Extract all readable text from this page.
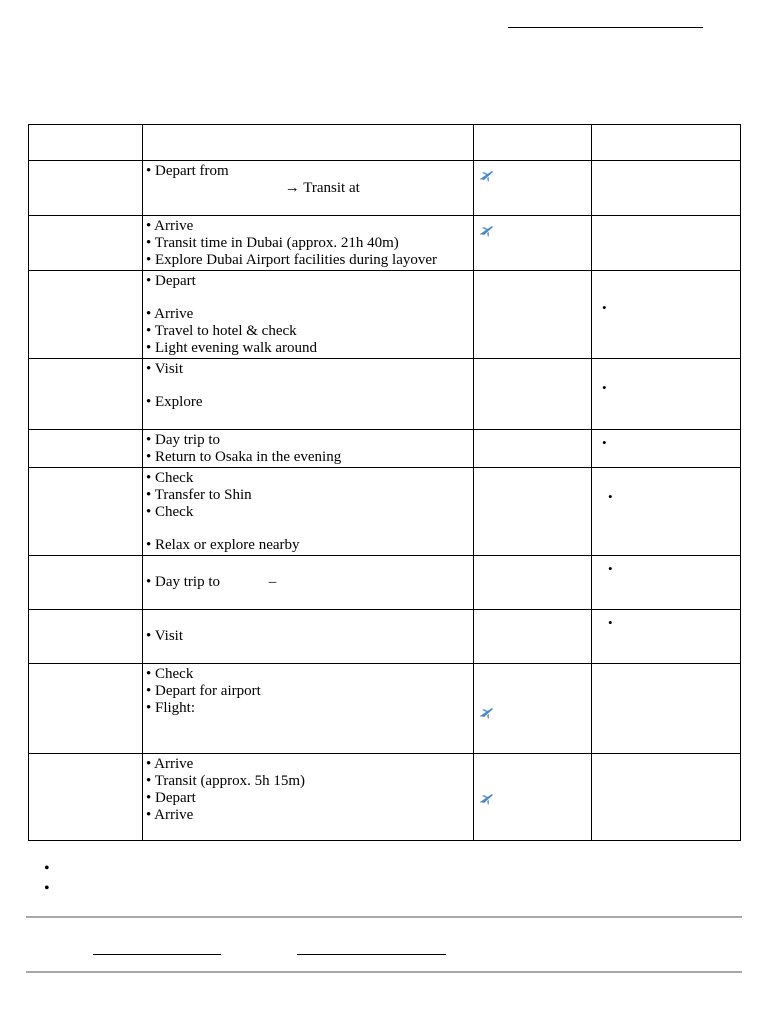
	• Depart from
→ Transit at

	• Arrive
• Transit time in Dubai (approx. 21h 40m)
• Explore Dubai Airport facilities during layover

	• Depart
• Arrive
• Travel to hotel & check
• Light evening walk around		•

	• Visit
• Explore		•

	• Day trip to
• Return to Osaka in the evening		•

	• Check
• Transfer to Shin
• Check
• Relax or explore nearby		•

	• Day trip to             –		•

	• Visit		•

	• Check
• Depart for airport
• Flight:

	• Arrive
• Transit (approx. 5h 15m)
• Depart
• Arrive

•
•
